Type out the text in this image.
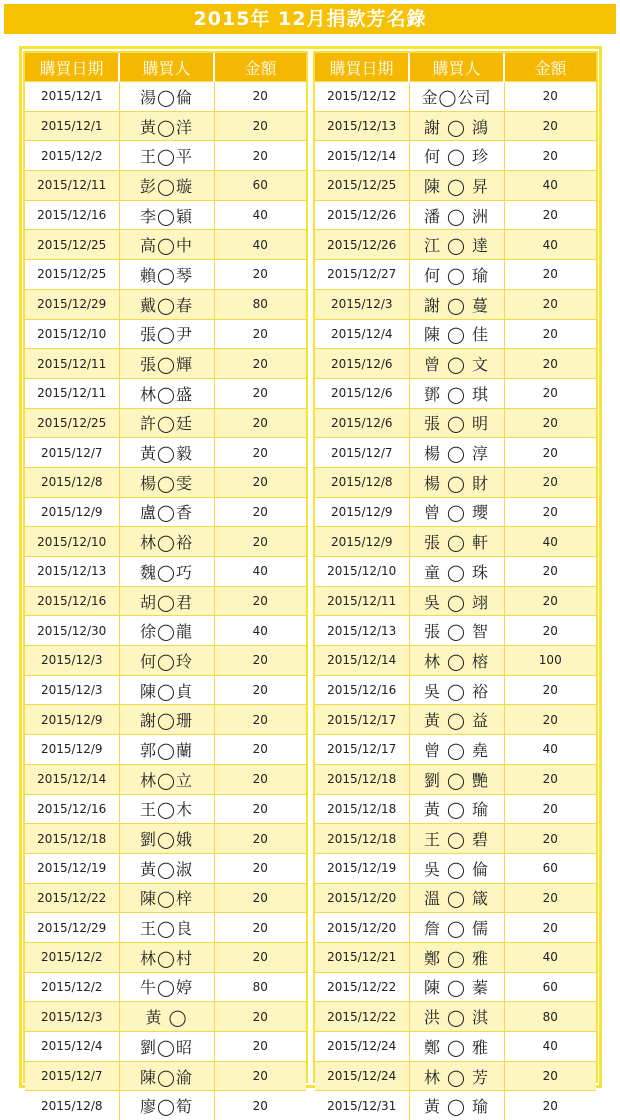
2015年 12月捐款芳名錄
購買日期	購買人	金額
2015/12/1	湯◯倫	20
2015/12/1	黃◯洋	20
2015/12/2	王◯平	20
2015/12/11	彭◯璇	60
2015/12/16	李◯穎	40
2015/12/25	高◯中	40
2015/12/25	賴◯琴	20
2015/12/29	戴◯春	80
2015/12/10	張◯尹	20
2015/12/11	張◯輝	20
2015/12/11	林◯盛	20
2015/12/25	許◯廷	20
2015/12/7	黃◯毅	20
2015/12/8	楊◯雯	20
2015/12/9	盧◯香	20
2015/12/10	林◯裕	20
2015/12/13	魏◯巧	40
2015/12/16	胡◯君	20
2015/12/30	徐◯龍	40
2015/12/3	何◯玲	20
2015/12/3	陳◯貞	20
2015/12/9	謝◯珊	20
2015/12/9	郭◯蘭	20
2015/12/14	林◯立	20
2015/12/16	王◯木	20
2015/12/18	劉◯娥	20
2015/12/19	黃◯淑	20
2015/12/22	陳◯梓	20
2015/12/29	王◯良	20
2015/12/2	林◯村	20
2015/12/2	牛◯婷	80
2015/12/3	黃 ◯	20
2015/12/4	劉◯昭	20
2015/12/7	陳◯渝	20
2015/12/8	廖◯筍	20
購買日期	購買人	金額
2015/12/12	金◯公司	20
2015/12/13	謝 ◯ 鴻	20
2015/12/14	何 ◯ 珍	20
2015/12/25	陳 ◯ 昇	40
2015/12/26	潘 ◯ 洲	20
2015/12/26	江 ◯ 達	40
2015/12/27	何 ◯ 瑜	20
2015/12/3	謝 ◯ 蔓	20
2015/12/4	陳 ◯ 佳	20
2015/12/6	曾 ◯ 文	20
2015/12/6	鄧 ◯ 琪	20
2015/12/6	張 ◯ 明	20
2015/12/7	楊 ◯ 淳	20
2015/12/8	楊 ◯ 財	20
2015/12/9	曾 ◯ 瓔	20
2015/12/9	張 ◯ 軒	40
2015/12/10	童 ◯ 珠	20
2015/12/11	吳 ◯ 翊	20
2015/12/13	張 ◯ 智	20
2015/12/14	林 ◯ 榕	100
2015/12/16	吳 ◯ 裕	20
2015/12/17	黃 ◯ 益	20
2015/12/17	曾 ◯ 堯	40
2015/12/18	劉 ◯ 艷	20
2015/12/18	黃 ◯ 瑜	20
2015/12/18	王 ◯ 碧	20
2015/12/19	吳 ◯ 倫	60
2015/12/20	溫 ◯ 箴	20
2015/12/20	詹 ◯ 儒	20
2015/12/21	鄭 ◯ 雅	40
2015/12/22	陳 ◯ 蓁	60
2015/12/22	洪 ◯ 淇	80
2015/12/24	鄭 ◯ 雅	40
2015/12/24	林 ◯ 芳	20
2015/12/31	黃 ◯ 瑜	20
